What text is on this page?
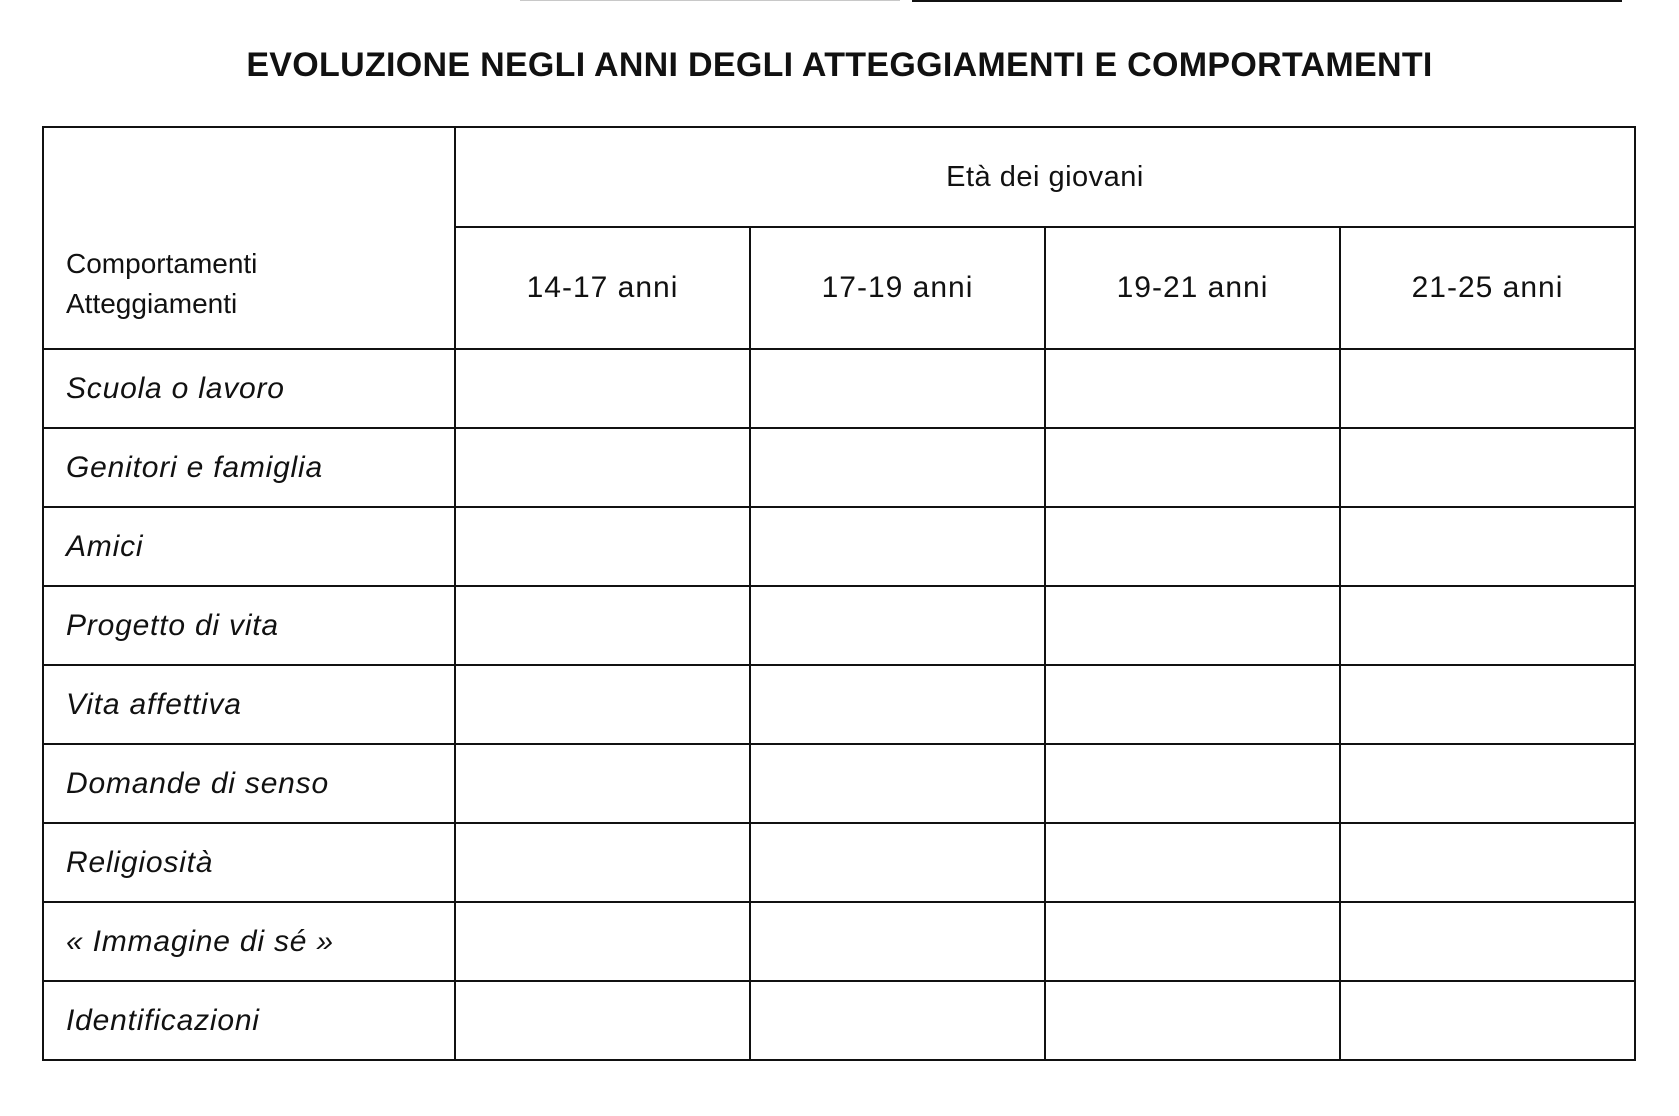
EVOLUZIONE NEGLI ANNI DEGLI ATTEGGIAMENTI E COMPORTAMENTI
Comportamenti
Atteggiamenti	Età dei giovani			
	14-17 anni	17-19 anni	19-21 anni	21-25 anni
Scuola o lavoro				
Genitori e famiglia				
Amici				
Progetto di vita				
Vita affettiva				
Domande di senso				
Religiosità				
« Immagine di sé »				
Identificazioni				
